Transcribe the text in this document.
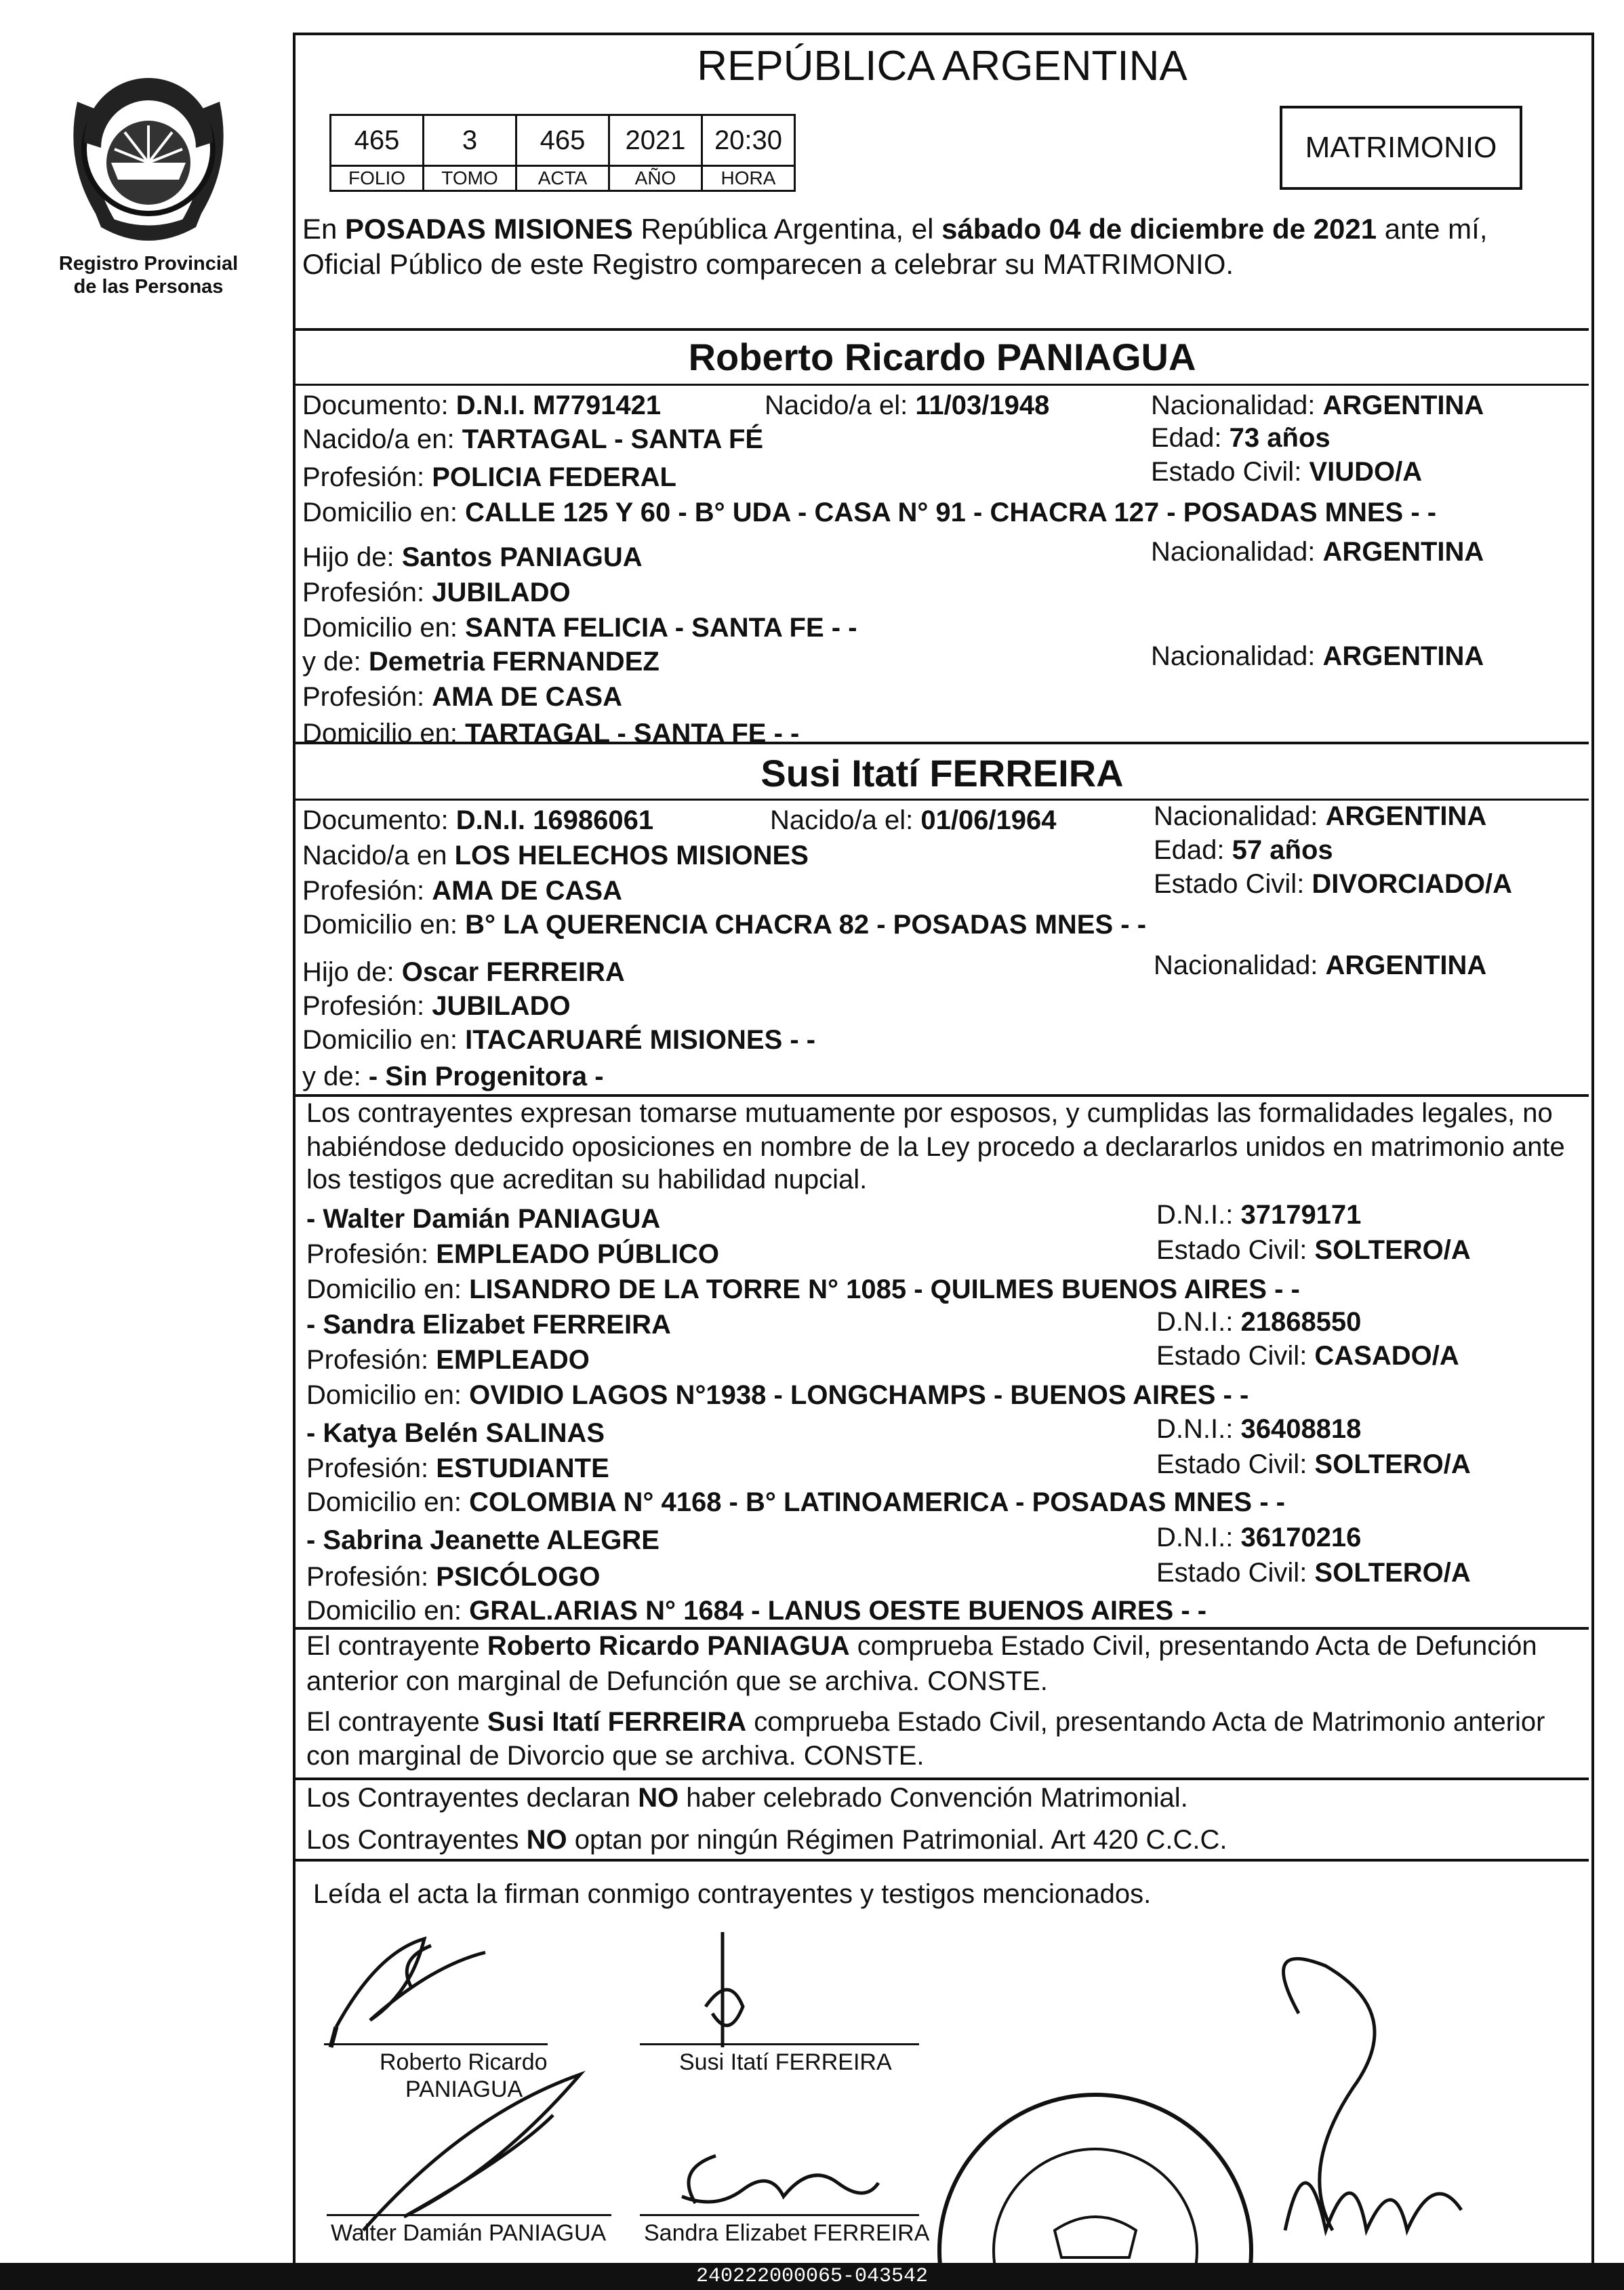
Registro Provincial
de las Personas
REPÚBLICA ARGENTINA
465	3	465	2021	20:30
FOLIO	TOMO	ACTA	AÑO	HORA
MATRIMONIO
En POSADAS MISIONES República Argentina, el sábado 04 de diciembre de 2021 ante mí,
Oficial Público de este Registro comparecen a celebrar su MATRIMONIO.
Roberto Ricardo PANIAGUA
Documento: D.N.I. M7791421	Nacido/a el: 11/03/1948	Nacionalidad: ARGENTINA
Nacido/a en: TARTAGAL - SANTA FÉ	Edad: 73 años
Profesión: POLICIA FEDERAL	Estado Civil: VIUDO/A
Domicilio en: CALLE 125 Y 60 - B° UDA - CASA N° 91 - CHACRA 127 - POSADAS MNES - -
Hijo de: Santos PANIAGUA	Nacionalidad: ARGENTINA
Profesión: JUBILADO
Domicilio en: SANTA FELICIA - SANTA FE - -
y de: Demetria FERNANDEZ	Nacionalidad: ARGENTINA
Profesión: AMA DE CASA
Domicilio en: TARTAGAL - SANTA FE - -
Susi Itatí FERREIRA
Documento: D.N.I. 16986061	Nacido/a el: 01/06/1964	Nacionalidad: ARGENTINA
Nacido/a en LOS HELECHOS MISIONES	Edad: 57 años
Profesión: AMA DE CASA	Estado Civil: DIVORCIADO/A
Domicilio en: B° LA QUERENCIA CHACRA 82 - POSADAS MNES - -
Hijo de: Oscar FERREIRA	Nacionalidad: ARGENTINA
Profesión: JUBILADO
Domicilio en: ITACARUARÉ MISIONES - -
y de: - Sin Progenitora -
Los contrayentes expresan tomarse mutuamente por esposos, y cumplidas las formalidades legales, no
habiéndose deducido oposiciones en nombre de la Ley procedo a declararlos unidos en matrimonio ante
los testigos que acreditan su habilidad nupcial.
- Walter Damián PANIAGUA	D.N.I.: 37179171
Profesión: EMPLEADO PÚBLICO	Estado Civil: SOLTERO/A
Domicilio en: LISANDRO DE LA TORRE N° 1085 - QUILMES BUENOS AIRES - -
- Sandra Elizabet FERREIRA	D.N.I.: 21868550
Profesión: EMPLEADO	Estado Civil: CASADO/A
Domicilio en: OVIDIO LAGOS N°1938 - LONGCHAMPS - BUENOS AIRES - -
- Katya Belén SALINAS	D.N.I.: 36408818
Profesión: ESTUDIANTE	Estado Civil: SOLTERO/A
Domicilio en: COLOMBIA N° 4168 - B° LATINOAMERICA - POSADAS MNES - -
- Sabrina Jeanette ALEGRE	D.N.I.: 36170216
Profesión: PSICÓLOGO	Estado Civil: SOLTERO/A
Domicilio en: GRAL.ARIAS N° 1684 - LANUS OESTE BUENOS AIRES - -
El contrayente Roberto Ricardo PANIAGUA comprueba Estado Civil, presentando Acta de Defunción
anterior con marginal de Defunción que se archiva. CONSTE.
El contrayente Susi Itatí FERREIRA comprueba Estado Civil, presentando Acta de Matrimonio anterior
con marginal de Divorcio que se archiva. CONSTE.
Los Contrayentes declaran NO haber celebrado Convención Matrimonial.
Los Contrayentes NO optan por ningún Régimen Patrimonial. Art 420 C.C.C.
Leída el acta la firman conmigo contrayentes y testigos mencionados.
Roberto Ricardo
PANIAGUA
Susi Itatí FERREIRA
Walter Damián PANIAGUA Sandra Elizabet FERREIRA
240222000065-043542
